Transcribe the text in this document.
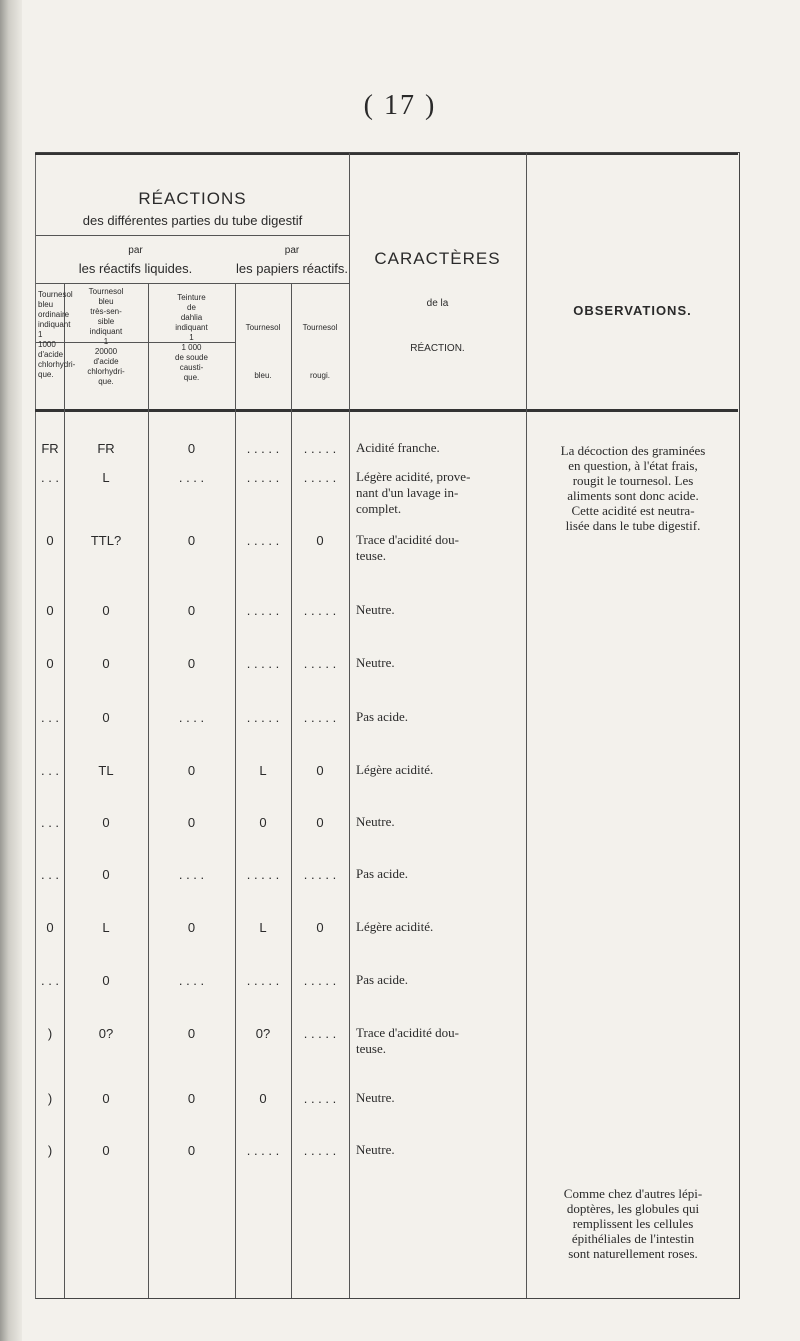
( 17 )
RÉACTIONS
des différentes parties du tube digestif
par
les réactifs liquides.
par
les papiers réactifs.
CARACTÈRES
de la
RÉACTION.
OBSERVATIONS.
Tournesol
bleu
ordinaire
indiquant
1
1000
d'acide
chlorhydri-
que.
Tournesol
bleu
très-sen-
sible
indiquant
1
20000
d'acide
chlorhydri-
que.
Teinture
de
dahlia
indiquant
1
1 000
de soude
causti-
que.
Tournesol
bleu.
Tournesol
rougi.
FR	FR	0	. . . . .	. . . . .	Acidité franche.
. . .	L	. . . .	. . . . .	. . . . .	Légère acidité, prove-
nant d'un lavage in-
complet.
0	TTL?	0	. . . . .	0	Trace d'acidité dou-
teuse.
0	0	0	. . . . .	. . . . .	Neutre.
0	0	0	. . . . .	. . . . .	Neutre.
. . .	0	. . . .	. . . . .	. . . . .	Pas acide.
. . .	TL	0	L	0	Légère acidité.
. . .	0	0	0	0	Neutre.
. . .	0	. . . .	. . . . .	. . . . .	Pas acide.
0	L	0	L	0	Légère acidité.
. . .	0	. . . .	. . . . .	. . . . .	Pas acide.
)	0?	0	0?	. . . . .	Trace d'acidité dou-
teuse.
)	0	0	0	. . . . .	Neutre.
)	0	0	. . . . .	. . . . .	Neutre.
La décoction des graminées
en question, à l'état frais,
rougit le tournesol. Les
aliments sont donc acide.
Cette acidité est neutra-
lisée dans le tube digestif.
Comme chez d'autres lépi-
doptères, les globules qui
remplissent les cellules
épithéliales de l'intestin
sont naturellement roses.
